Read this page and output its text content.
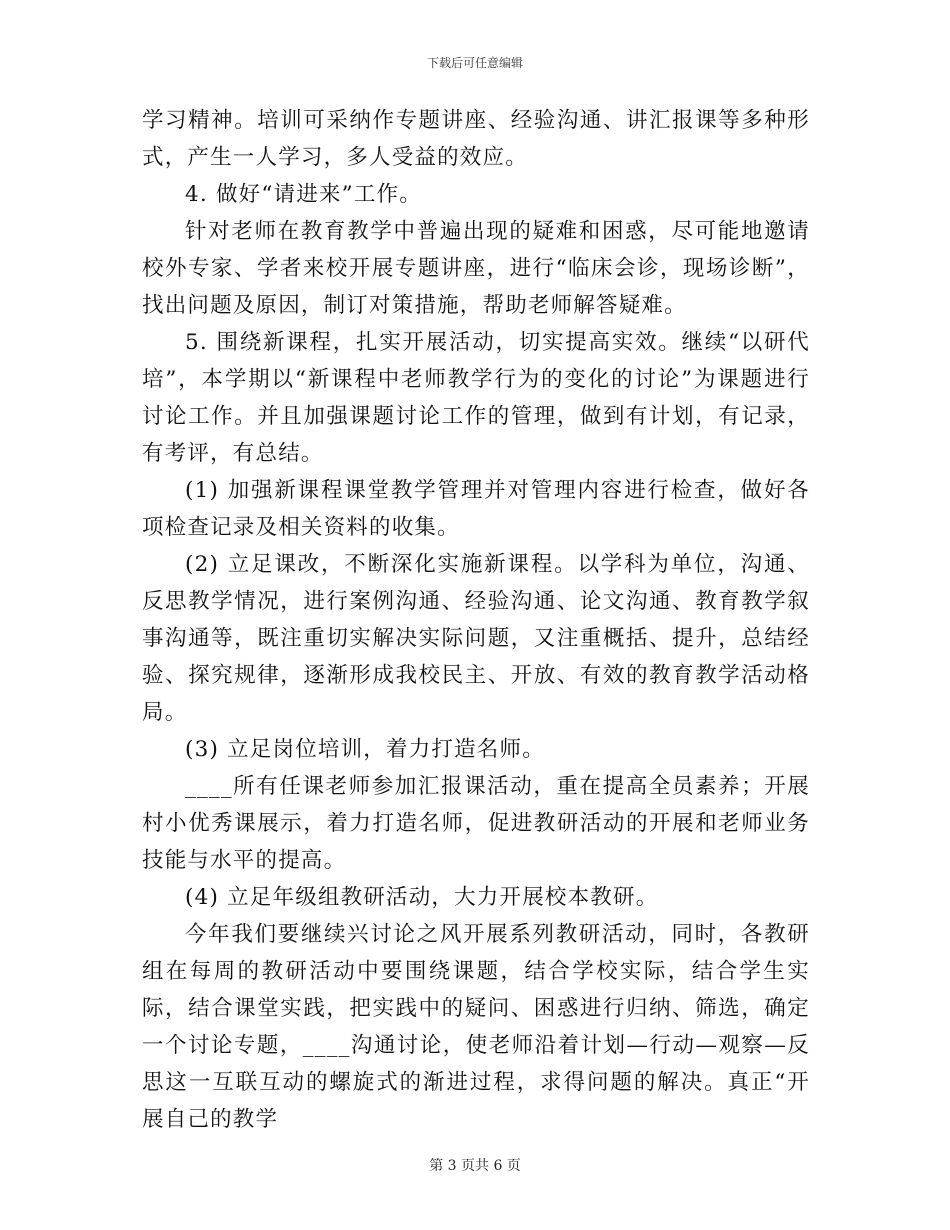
下载后可任意编辑

学习精神。培训可采纳作专题讲座、经验沟通、讲汇报课等多种形式，产生一人学习，多人受益的效应。

4. 做好“请进来”工作。

针对老师在教育教学中普遍出现的疑难和困惑，尽可能地邀请校外专家、学者来校开展专题讲座，进行“临床会诊，现场诊断”，找出问题及原因，制订对策措施，帮助老师解答疑难。

5. 围绕新课程，扎实开展活动，切实提高实效。继续“以研代培”，本学期以“新课程中老师教学行为的变化的讨论”为课题进行讨论工作。并且加强课题讨论工作的管理，做到有计划，有记录，有考评，有总结。

(1) 加强新课程课堂教学管理并对管理内容进行检查，做好各项检查记录及相关资料的收集。

(2) 立足课改，不断深化实施新课程。以学科为单位，沟通、反思教学情况，进行案例沟通、经验沟通、论文沟通、教育教学叙事沟通等，既注重切实解决实际问题，又注重概括、提升，总结经验、探究规律，逐渐形成我校民主、开放、有效的教育教学活动格局。

(3) 立足岗位培训，着力打造名师。

____所有任课老师参加汇报课活动，重在提高全员素养；开展村小优秀课展示，着力打造名师，促进教研活动的开展和老师业务技能与水平的提高。

(4) 立足年级组教研活动，大力开展校本教研。

今年我们要继续兴讨论之风开展系列教研活动，同时，各教研组在每周的教研活动中要围绕课题，结合学校实际，结合学生实际，结合课堂实践，把实践中的疑问、困惑进行归纳、筛选，确定一个讨论专题，____沟通讨论，使老师沿着计划—行动—观察—反思这一互联互动的螺旋式的渐进过程，求得问题的解决。真正“开展自己的教学

第 3 页共 6 页
